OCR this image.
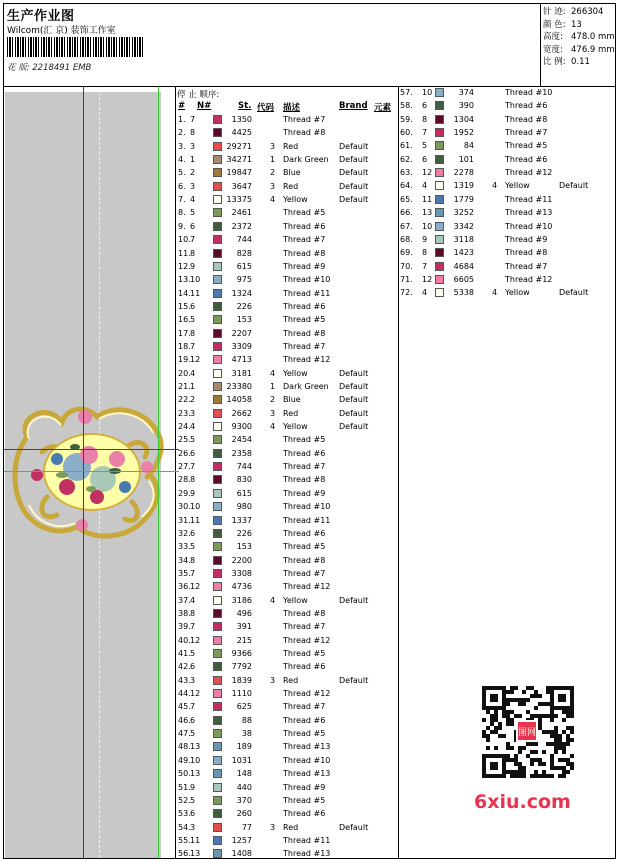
生产作业图
Wilcom(汇 京) 装饰工作室
花 版: 2218491 EMB
针 迹: 266304
颜 色: 13
高度: 478.0 mm
宽度: 476.9 mm
比 例: 0.11
停 止 顺序:
# N#	St. 代码 描述	Brand 元素
1. 7	1350	Thread #7
2. 8	4425	Thread #8
3. 3	29271 3 Red	Default
4. 1	34271 1 Dark Green Default
5. 2	19847 2 Blue	Default
6. 3	3647 3 Red	Default
7. 4	13375 4 Yellow	Default
8. 5	2461	Thread #5
9. 6	2372	Thread #6
10. 7	744	Thread #7
11. 8	828	Thread #8
12. 9	615	Thread #9
13. 10	975	Thread #10
14. 11	1324	Thread #11
15. 6	226	Thread #6
16. 5	153	Thread #5
17. 8	2207	Thread #8
18. 7	3309	Thread #7
19. 12	4713	Thread #12
20. 4	3181 4 Yellow	Default
21. 1	23380 1 Dark Green Default
22. 2	14058 2 Blue	Default
23. 3	2662 3 Red	Default
24. 4	9300 4 Yellow	Default
25. 5	2454	Thread #5
26. 6	2358	Thread #6
27. 7	744	Thread #7
28. 8	830	Thread #8
29. 9	615	Thread #9
30. 10	980	Thread #10
31. 11	1337	Thread #11
32. 6	226	Thread #6
33. 5	153	Thread #5
34. 8	2200	Thread #8
35. 7	3308	Thread #7
36. 12	4736	Thread #12
37. 4	3186 4 Yellow	Default
38. 8	496	Thread #8
39. 7	391	Thread #7
40. 12	215	Thread #12
41. 5	9366	Thread #5
42. 6	7792	Thread #6
43. 3	1839 3 Red	Default
44. 12	1110	Thread #12
45. 7	625	Thread #7
46. 6	88	Thread #6
47. 5	38	Thread #5
48. 13	189	Thread #13
49. 10	1031	Thread #10
50. 13	148	Thread #13
51. 9	440	Thread #9
52. 5	370	Thread #5
53. 6	260	Thread #6
54. 3	77 3 Red	Default
55. 11	1257	Thread #11
56. 13	1408	Thread #13
57. 10	374	Thread #10
58. 6	390	Thread #6
59. 8	1304	Thread #8
60. 7	1952	Thread #7
61. 5	84	Thread #5
62. 6	101	Thread #6
63. 12	2278	Thread #12
64. 4	1319 4 Yellow	Default
65. 11	1779	Thread #11
66. 13	3252	Thread #13
67. 10	3342	Thread #10
68. 9	3118	Thread #9
69. 8	1423	Thread #8
70. 7	4684	Thread #7
71. 12	6605	Thread #12
72. 4	5338 4 Yellow	Default
图网
6xiu.com
